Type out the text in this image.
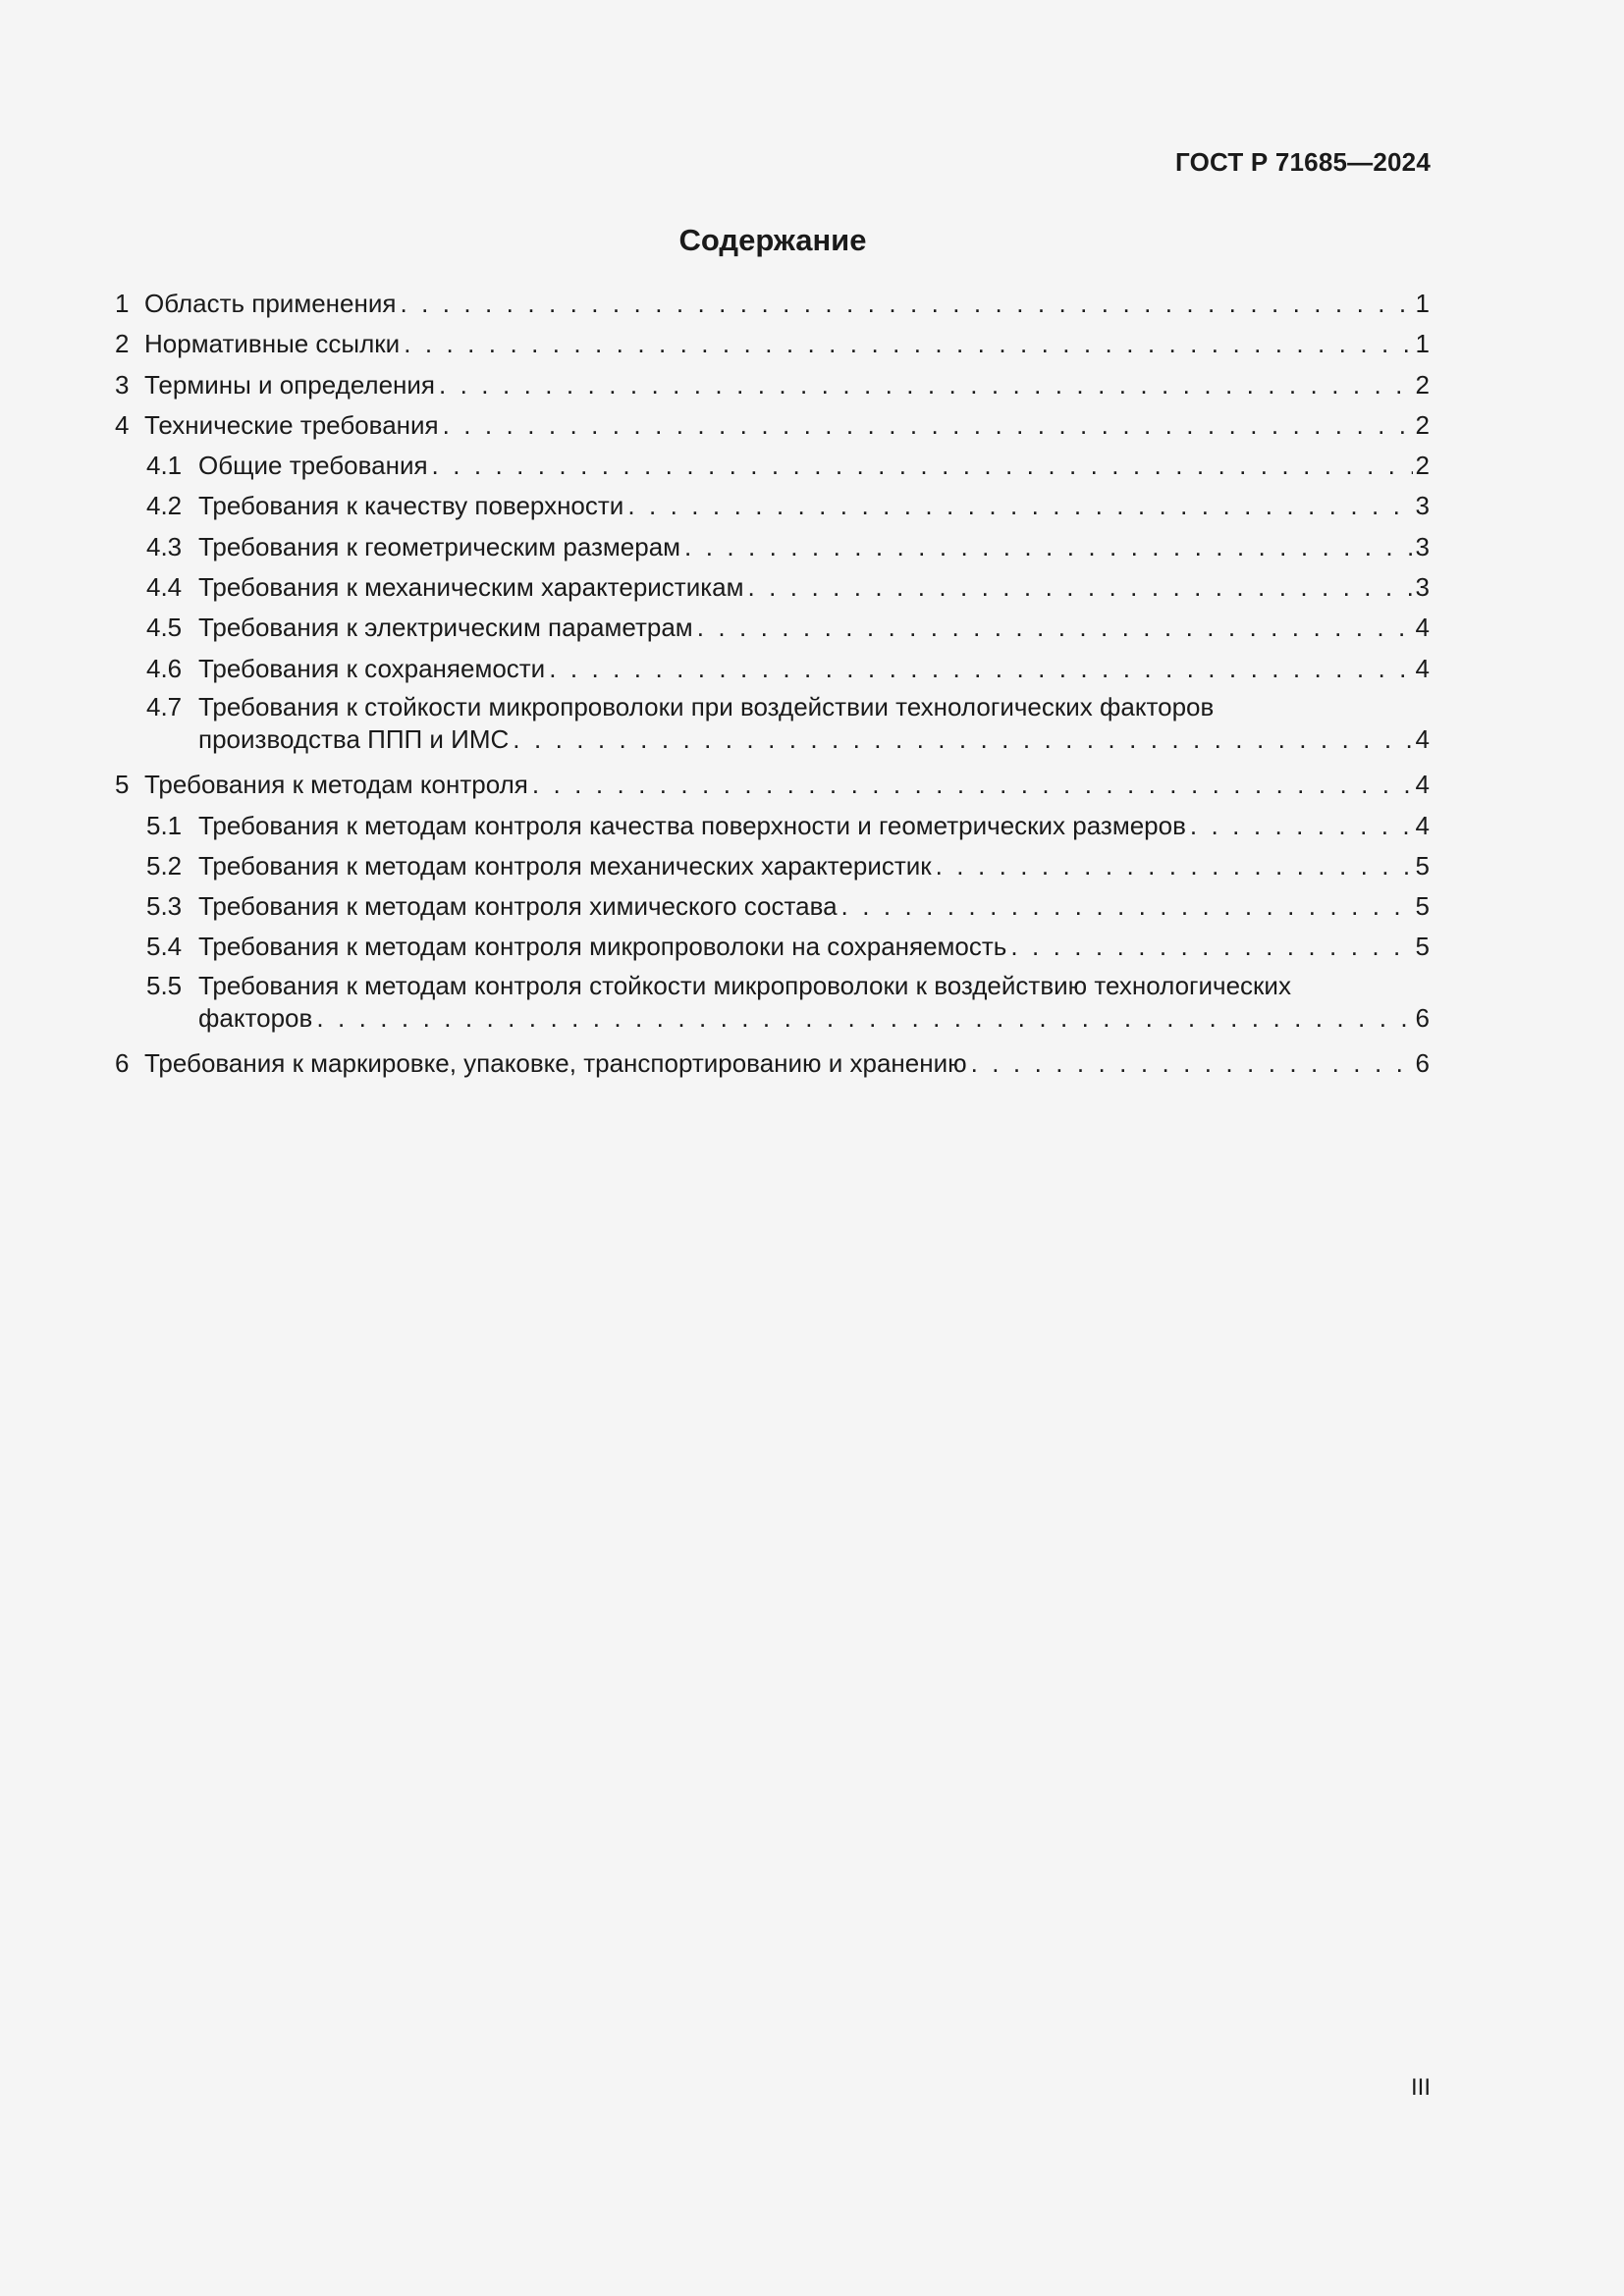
ГОСТ Р 71685—2024
Содержание
1 Область применения . . .	1
2 Нормативные ссылки . . .	1
3 Термины и определения . . .	2
4 Технические требования . . .	2
4.1 Общие требования . . .	2
4.2 Требования к качеству поверхности . . .	3
4.3 Требования к геометрическим размерам . . .	3
4.4 Требования к механическим характеристикам . . .	3
4.5 Требования к электрическим параметрам . . .	4
4.6 Требования к сохраняемости . . .	4
4.7 Требования к стойкости микропроволоки при воздействии технологических факторов
производства ППП и ИМС . . .	4
5 Требования к методам контроля . . .	4
5.1 Требования к методам контроля качества поверхности и геометрических размеров . . .	4
5.2 Требования к методам контроля механических характеристик . . .	5
5.3 Требования к методам контроля химического состава . . .	5
5.4 Требования к методам контроля микропроволоки на сохраняемость . . .	5
5.5 Требования к методам контроля стойкости микропроволоки к воздействию технологических
факторов . . .	6
6 Требования к маркировке, упаковке, транспортированию и хранению . . .	6
III
